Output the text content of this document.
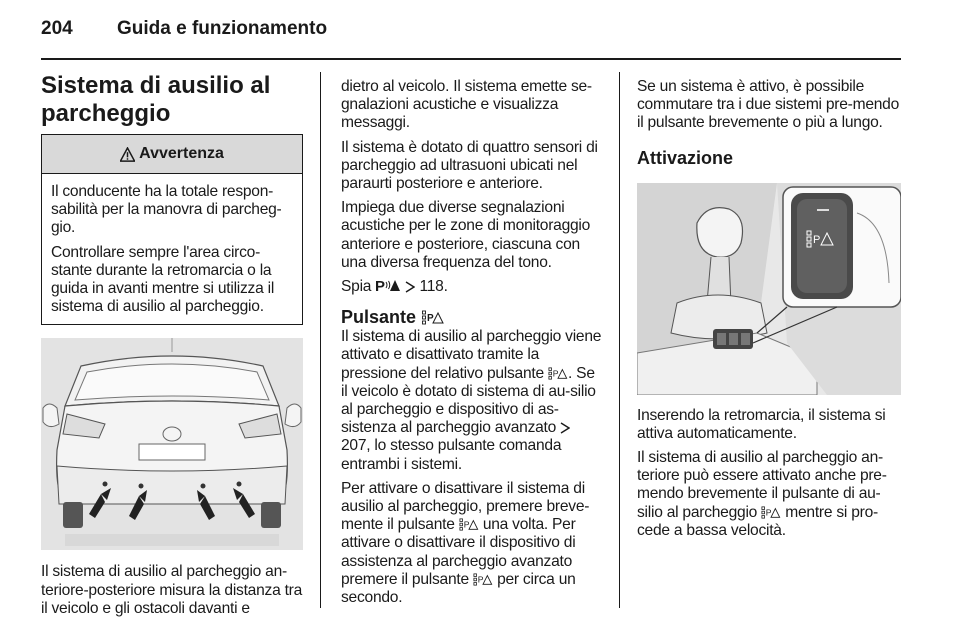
204	Guida e funzionamento
Sistema di ausilio al parcheggio
Avvertenza

Il conducente ha la totale respon-sabilità per la manovra di parcheg-gio.

Controllare sempre l'area circo-stante durante la retromarcia o la guida in avanti mentre si utilizza il sistema di ausilio al parcheggio.

Il sistema di ausilio al parcheggio an-teriore-posteriore misura la distanza tra il veicolo e gli ostacoli davanti e

dietro al veicolo. Il sistema emette se-gnalazioni acustiche e visualizza messaggi.

Il sistema è dotato di quattro sensori di parcheggio ad ultrasuoni ubicati nel paraurti posteriore e anteriore.

Impiega due diverse segnalazioni acustiche per le zone di monitoraggio anteriore e posteriore, ciascuna con una diversa frequenza del tono.

Spia P 118.

Pulsante P

Il sistema di ausilio al parcheggio viene attivato e disattivato tramite la pressione del relativo pulsante P . Se il veicolo è dotato di sistema di au-silio al parcheggio e dispositivo di as-sistenza al parcheggio avanzato  207, lo stesso pulsante comanda entrambi i sistemi.

Per attivare o disattivare il sistema di ausilio al parcheggio, premere breve-mente il pulsante P una volta. Per attivare o disattivare il dispositivo di assistenza al parcheggio avanzato premere il pulsante P per circa un secondo.

Se un sistema è attivo, è possibile commutare tra i due sistemi pre-mendo il pulsante brevemente o più a lungo.

Attivazione
P

Inserendo la retromarcia, il sistema si attiva automaticamente.

Il sistema di ausilio al parcheggio an-teriore può essere attivato anche pre-mendo brevemente il pulsante di au-silio al parcheggio P mentre si pro-cede a bassa velocità.
